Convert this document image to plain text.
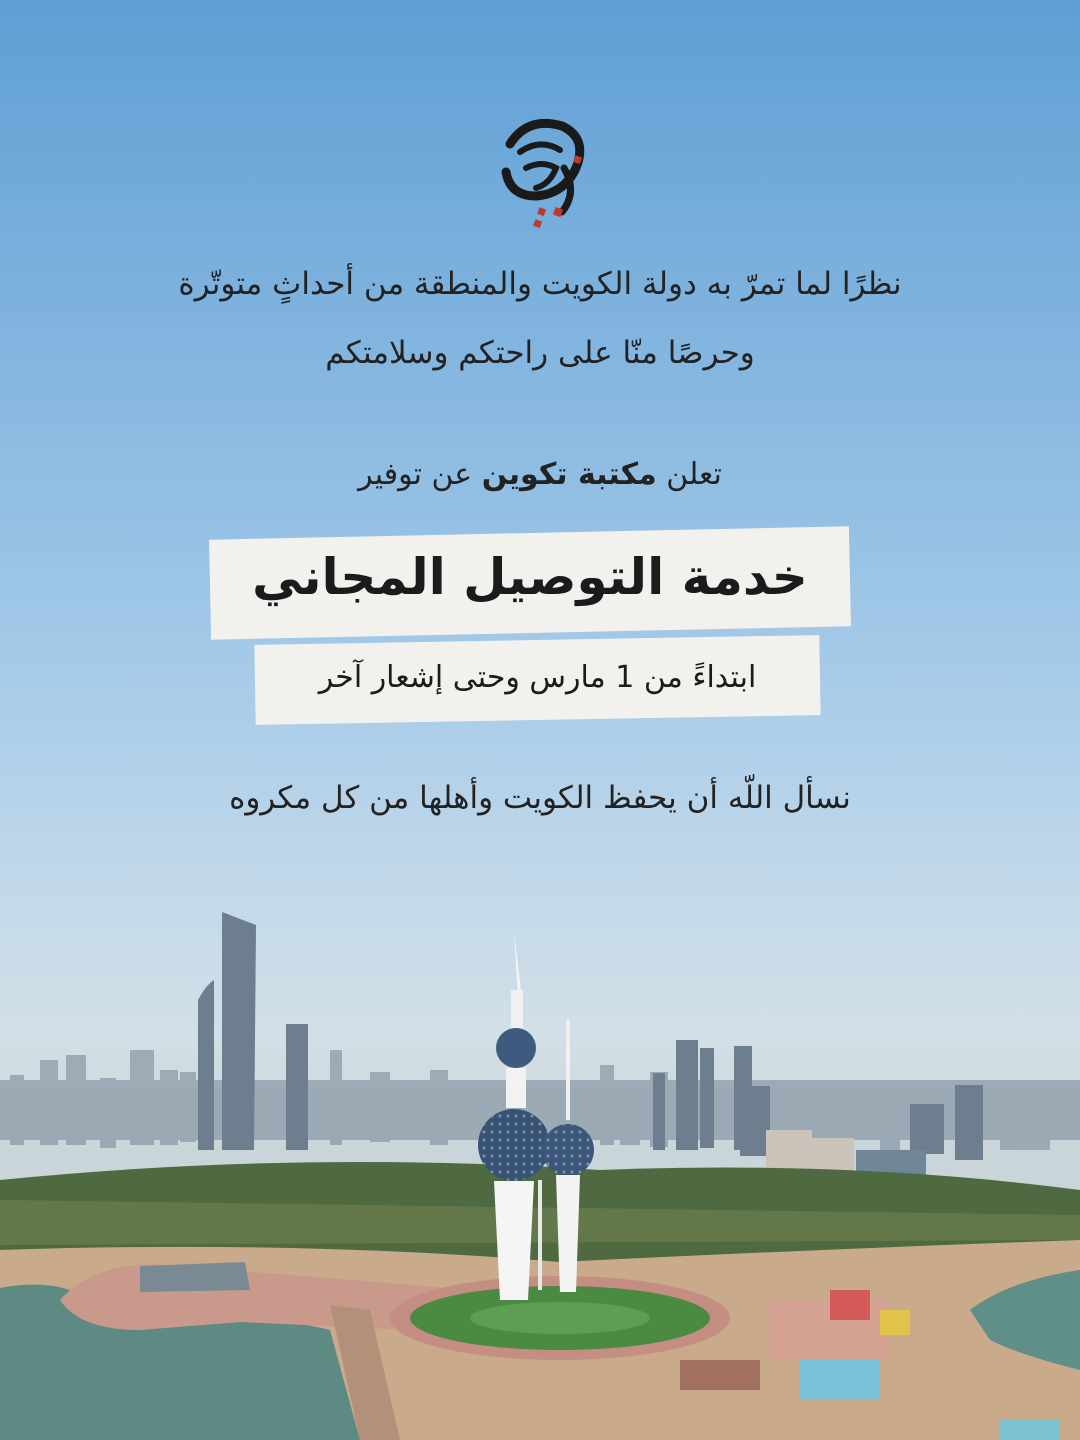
نظرًا لما تمرّ به دولة الكويت والمنطقة من أحداثٍ متوتّرة
وحرصًا منّا على راحتكم وسلامتكم
تعلن مكتبة تكوين عن توفير
خدمة التوصيل المجاني
ابتداءً من 1 مارس وحتى إشعار آخر
نسأل اللّه أن يحفظ الكويت وأهلها من كل مكروه
